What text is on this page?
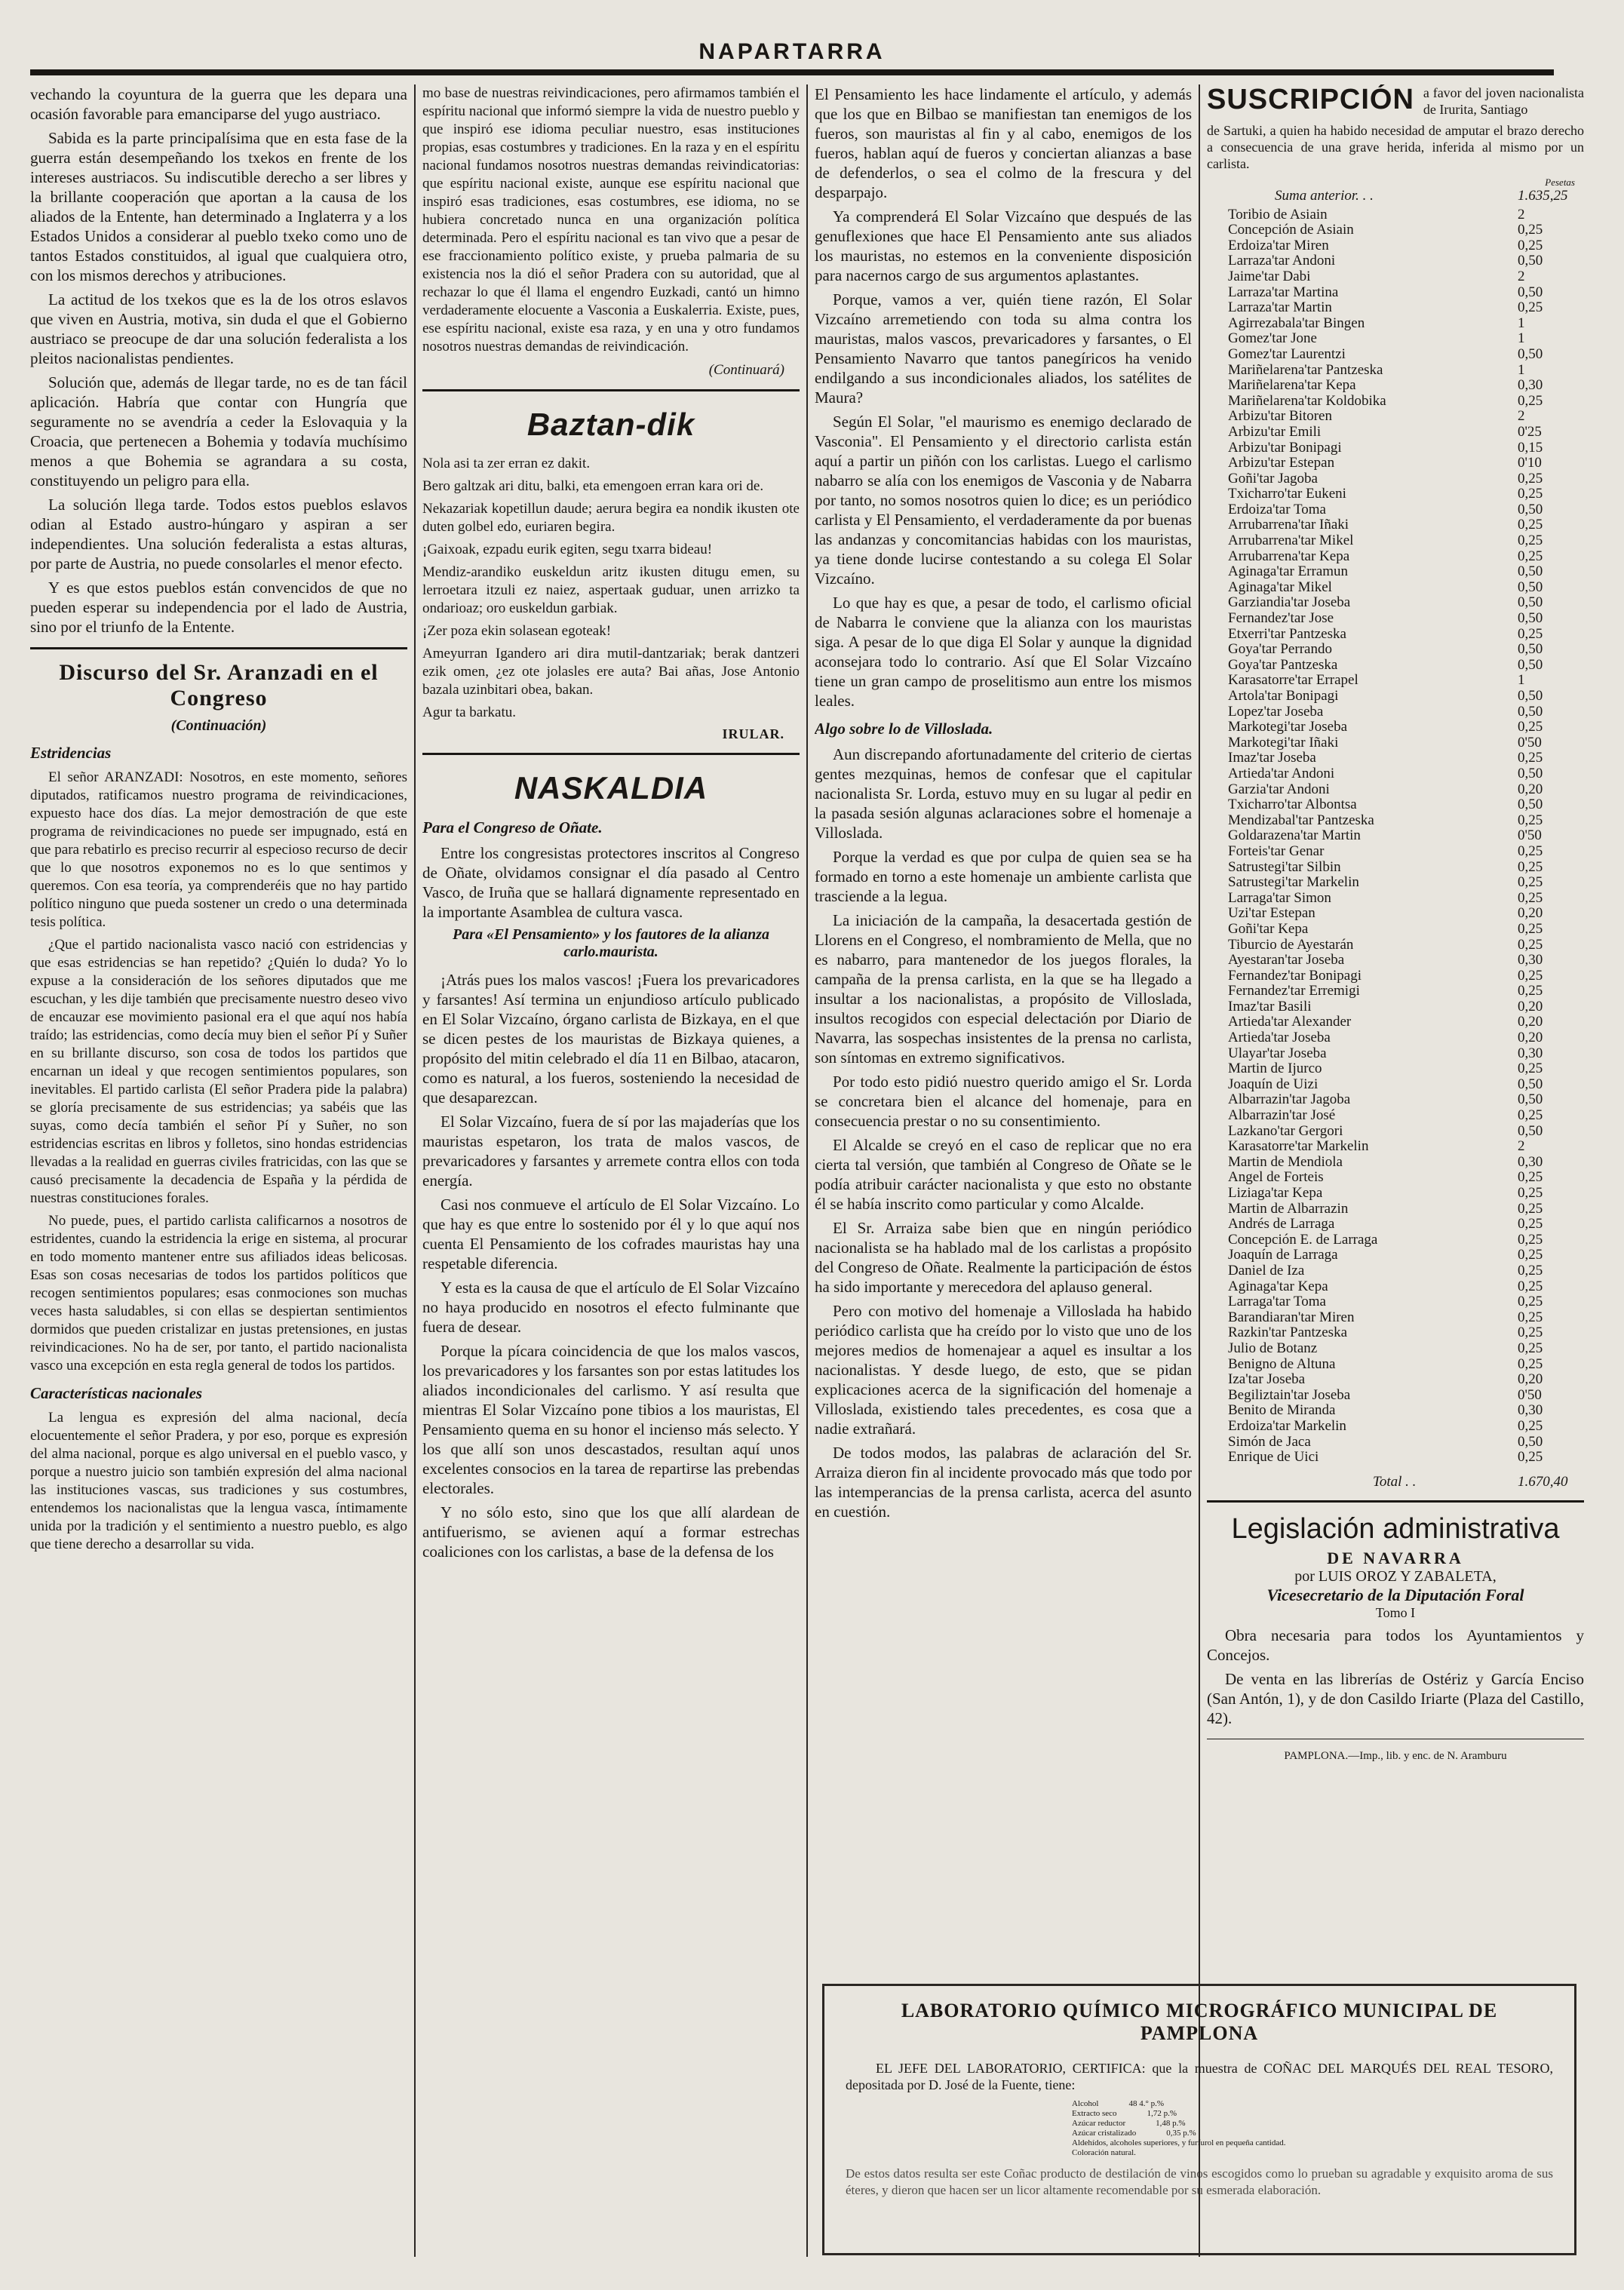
NAPARTARRA

vechando la coyuntura de la guerra que les depara una ocasión favorable para emanciparse del yugo austriaco.

Sabida es la parte principalísima que en esta fase de la guerra están desempeñando los txekos en frente de los intereses austriacos. Su indiscutible derecho a ser libres y la brillante cooperación que aportan a la causa de los aliados de la Entente, han determinado a Inglaterra y a los Estados Unidos a considerar al pueblo txeko como uno de tantos Estados constituidos, al igual que cualquiera otro, con los mismos derechos y atribuciones.

La actitud de los txekos que es la de los otros eslavos que viven en Austria, motiva, sin duda el que el Gobierno austriaco se preocupe de dar una solución federalista a los pleitos nacionalistas pendientes.

Solución que, además de llegar tarde, no es de tan fácil aplicación. Habría que contar con Hungría que seguramente no se avendría a ceder la Eslovaquia y la Croacia, que pertenecen a Bohemia y todavía muchísimo menos a que Bohemia se agrandara a su costa, constituyendo un peligro para ella.

La solución llega tarde. Todos estos pueblos eslavos odian al Estado austro-húngaro y aspiran a ser independientes. Una solución federalista a estas alturas, por parte de Austria, no puede consolarles el menor efecto.

Y es que estos pueblos están convencidos de que no pueden esperar su independencia por el lado de Austria, sino por el triunfo de la Entente.

Discurso del Sr. Aranzadi en el Congreso
(Continuación)
Estridencias

El señor ARANZADI: Nosotros, en este momento, señores diputados, ratificamos nuestro programa de reivindicaciones, expuesto hace dos días. La mejor demostración de que este programa de reivindicaciones no puede ser impugnado, está en que para rebatirlo es preciso recurrir al especioso recurso de decir que lo que nosotros exponemos no es lo que sentimos y queremos. Con esa teoría, ya comprenderéis que no hay partido político ninguno que pueda sostener un credo o una determinada tesis política.

¿Que el partido nacionalista vasco nació con estridencias y que esas estridencias se han repetido? ¿Quién lo duda? Yo lo expuse a la consideración de los señores diputados que me escuchan, y les dije también que precisamente nuestro deseo vivo de encauzar ese movimiento pasional era el que aquí nos había traído; las estridencias, como decía muy bien el señor Pí y Suñer en su brillante discurso, son cosa de todos los partidos que encarnan un ideal y que recogen sentimientos populares, son inevitables. El partido carlista (El señor Pradera pide la palabra) se gloría precisamente de sus estridencias; ya sabéis que las suyas, como decía también el señor Pí y Suñer, no son estridencias escritas en libros y folletos, sino hondas estridencias llevadas a la realidad en guerras civiles fratricidas, con las que se causó precisamente la decadencia de España y la pérdida de nuestras constituciones forales.

No puede, pues, el partido carlista calificarnos a nosotros de estridentes, cuando la estridencia la erige en sistema, al procurar en todo momento mantener entre sus afiliados ideas belicosas. Esas son cosas necesarias de todos los partidos políticos que recogen sentimientos populares; esas conmociones son muchas veces hasta saludables, si con ellas se despiertan sentimientos dormidos que pueden cristalizar en justas pretensiones, en justas reivindicaciones. No ha de ser, por tanto, el partido nacionalista vasco una excepción en esta regla general de todos los partidos.

Características nacionales

La lengua es expresión del alma nacional, decía elocuentemente el señor Pradera, y por eso, porque es expresión del alma nacional, porque es algo universal en el pueblo vasco, y porque a nuestro juicio son también expresión del alma nacional las instituciones vascas, sus tradiciones y sus costumbres, entendemos los nacionalistas que la lengua vasca, íntimamente unida por la tradición y el sentimiento a nuestro pueblo, es algo que tiene derecho a desarrollar su vida.

mo base de nuestras reivindicaciones, pero afirmamos también el espíritu nacional que informó siempre la vida de nuestro pueblo y que inspiró ese idioma peculiar nuestro, esas instituciones propias, esas costumbres y tradiciones. En la raza y en el espíritu nacional fundamos nosotros nuestras demandas reivindicatorias: que espíritu nacional existe, aunque ese espíritu nacional que inspiró esas tradiciones, esas costumbres, ese idioma, no se hubiera concretado nunca en una organización política determinada. Pero el espíritu nacional es tan vivo que a pesar de ese fraccionamiento político existe, y prueba palmaria de su existencia nos la dió el señor Pradera con su autoridad, que al rechazar lo que él llama el engendro Euzkadi, cantó un himno verdaderamente elocuente a Vasconia a Euskalerria. Existe, pues, ese espíritu nacional, existe esa raza, y en una y otro fundamos nosotros nuestras demandas de reivindicación.

(Continuará)
Baztan-dik

Nola asi ta zer erran ez dakit.

Bero galtzak ari ditu, balki, eta emengoen erran kara ori de.

Nekazariak kopetillun daude; aerura begira ea nondik ikusten ote duten golbel edo, euriaren begira.

¡Gaixoak, ezpadu eurik egiten, segu txarra bideau!

Mendiz-arandiko euskeldun aritz ikusten ditugu emen, su lerroetara itzuli ez naiez, aspertaak guduar, unen arrizko ta ondarioaz; oro euskeldun garbiak.

¡Zer poza ekin solasean egoteak!

Ameyurran Igandero ari dira mutil-dantzariak; berak dantzeri ezik omen, ¿ez ote jolasles ere auta? Bai añas, Jose Antonio bazala uzinbitari obea, bakan.

Agur ta barkatu.

IRULAR.
NASKALDIA
Para el Congreso de Oñate.

Entre los congresistas protectores inscritos al Congreso de Oñate, olvidamos consignar el día pasado al Centro Vasco, de Iruña que se hallará dignamente representado en la importante Asamblea de cultura vasca.

Para «El Pensamiento» y los fautores de la alianza carlo.maurista.

¡Atrás pues los malos vascos! ¡Fuera los prevaricadores y farsantes! Así termina un enjundioso artículo publicado en El Solar Vizcaíno, órgano carlista de Bizkaya, en el que se dicen pestes de los mauristas de Bizkaya quienes, a propósito del mitin celebrado el día 11 en Bilbao, atacaron, como es natural, a los fueros, sosteniendo la necesidad de que desaparezcan.

El Solar Vizcaíno, fuera de sí por las majaderías que los mauristas espetaron, los trata de malos vascos, de prevaricadores y farsantes y arremete contra ellos con toda energía.

Casi nos conmueve el artículo de El Solar Vizcaíno. Lo que hay es que entre lo sostenido por él y lo que aquí nos cuenta El Pensamiento de los cofrades mauristas hay una respetable diferencia.

Y esta es la causa de que el artículo de El Solar Vizcaíno no haya producido en nosotros el efecto fulminante que fuera de desear.

Porque la pícara coincidencia de que los malos vascos, los prevaricadores y los farsantes son por estas latitudes los aliados incondicionales del carlismo. Y así resulta que mientras El Solar Vizcaíno pone tibios a los mauristas, El Pensamiento quema en su honor el incienso más selecto. Y los que allí son unos descastados, resultan aquí unos excelentes consocios en la tarea de repartirse las prebendas electorales.

Y no sólo esto, sino que los que allí alardean de antifuerismo, se avienen aquí a formar estrechas coaliciones con los carlistas, a base de la defensa de los

El Pensamiento les hace lindamente el artículo, y además que los que en Bilbao se manifiestan tan enemigos de los fueros, son mauristas al fin y al cabo, enemigos de los fueros, hablan aquí de fueros y conciertan alianzas a base de defenderlos, o sea el colmo de la frescura y del desparpajo.

Ya comprenderá El Solar Vizcaíno que después de las genuflexiones que hace El Pensamiento ante sus aliados los mauristas, no estemos en la conveniente disposición para nacernos cargo de sus argumentos aplastantes.

Porque, vamos a ver, quién tiene razón, El Solar Vizcaíno arremetiendo con toda su alma contra los mauristas, malos vascos, prevaricadores y farsantes, o El Pensamiento Navarro que tantos panegíricos ha venido endilgando a sus incondicionales aliados, los satélites de Maura?

Según El Solar, "el maurismo es enemigo declarado de Vasconia". El Pensamiento y el directorio carlista están aquí a partir un piñón con los carlistas. Luego el carlismo nabarro se alía con los enemigos de Vasconia y de Nabarra por tanto, no somos nosotros quien lo dice; es un periódico carlista y El Pensamiento, el verdaderamente da por buenas las andanzas y concomitancias habidas con los mauristas, ya tiene donde lucirse contestando a su colega El Solar Vizcaíno.

Lo que hay es que, a pesar de todo, el carlismo oficial de Nabarra le conviene que la alianza con los mauristas siga. A pesar de lo que diga El Solar y aunque la dignidad aconsejara todo lo contrario. Así que El Solar Vizcaíno tiene un gran campo de proselitismo aun entre los mismos leales.

Algo sobre lo de Villoslada.

Aun discrepando afortunadamente del criterio de ciertas gentes mezquinas, hemos de confesar que el capitular nacionalista Sr. Lorda, estuvo muy en su lugar al pedir en la pasada sesión algunas aclaraciones sobre el homenaje a Villoslada.

Porque la verdad es que por culpa de quien sea se ha formado en torno a este homenaje un ambiente carlista que trasciende a la legua.

La iniciación de la campaña, la desacertada gestión de Llorens en el Congreso, el nombramiento de Mella, que no es nabarro, para mantenedor de los juegos florales, la campaña de la prensa carlista, en la que se ha llegado a insultar a los nacionalistas, a propósito de Villoslada, insultos recogidos con especial delectación por Diario de Navarra, las sospechas insistentes de la prensa no carlista, son síntomas en extremo significativos.

Por todo esto pidió nuestro querido amigo el Sr. Lorda se concretara bien el alcance del homenaje, para en consecuencia prestar o no su consentimiento.

El Alcalde se creyó en el caso de replicar que no era cierta tal versión, que también al Congreso de Oñate se le podía atribuir carácter nacionalista y que esto no obstante él se había inscrito como particular y como Alcalde.

El Sr. Arraiza sabe bien que en ningún periódico nacionalista se ha hablado mal de los carlistas a propósito del Congreso de Oñate. Realmente la participación de éstos ha sido importante y merecedora del aplauso general.

Pero con motivo del homenaje a Villoslada ha habido periódico carlista que ha creído por lo visto que uno de los mejores medios de homenajear a aquel es insultar a los nacionalistas. Y desde luego, de esto, que se pidan explicaciones acerca de la significación del homenaje a Villoslada, existiendo tales precedentes, es cosa que a nadie extrañará.

De todos modos, las palabras de aclaración del Sr. Arraiza dieron fin al incidente provocado más que todo por las intemperancias de la prensa carlista, acerca del asunto en cuestión.

SUSCRIPCIÓN a favor del joven nacionalista de Irurita, Santiago
de Sartuki, a quien ha habido necesidad de amputar el brazo derecho a consecuencia de una grave herida, inferida al mismo por un carlista.
Pesetas
Suma anterior. . .	1.635,25
Toribio de Asiain	2
Concepción de Asiain	0,25
Erdoiza'tar Miren	0,25
Larraza'tar Andoni	0,50
Jaime'tar Dabi	2
Larraza'tar Martina	0,50
Larraza'tar Martin	0,25
Agirrezabala'tar Bingen	1
Gomez'tar Jone	1
Gomez'tar Laurentzi	0,50
Mariñelarena'tar Pantzeska	1
Mariñelarena'tar Kepa	0,30
Mariñelarena'tar Koldobika	0,25
Arbizu'tar Bitoren	2
Arbizu'tar Emili	0'25
Arbizu'tar Bonipagi	0,15
Arbizu'tar Estepan	0'10
Goñi'tar Jagoba	0,25
Txicharro'tar Eukeni	0,25
Erdoiza'tar Toma	0,50
Arrubarrena'tar Iñaki	0,25
Arrubarrena'tar Mikel	0,25
Arrubarrena'tar Kepa	0,25
Aginaga'tar Erramun	0,50
Aginaga'tar Mikel	0,50
Garziandia'tar Joseba	0,50
Fernandez'tar Jose	0,50
Etxerri'tar Pantzeska	0,25
Goya'tar Perrando	0,50
Goya'tar Pantzeska	0,50
Karasatorre'tar Errapel	1
Artola'tar Bonipagi	0,50
Lopez'tar Joseba	0,50
Markotegi'tar Joseba	0,25
Markotegi'tar Iñaki	0'50
Imaz'tar Joseba	0,25
Artieda'tar Andoni	0,50
Garzia'tar Andoni	0,20
Txicharro'tar Albontsa	0,50
Mendizabal'tar Pantzeska	0,25
Goldarazena'tar Martin	0'50
Forteis'tar Genar	0,25
Satrustegi'tar Silbin	0,25
Satrustegi'tar Markelin	0,25
Larraga'tar Simon	0,25
Uzi'tar Estepan	0,20
Goñi'tar Kepa	0,25
Tiburcio de Ayestarán	0,25
Ayestaran'tar Joseba	0,30
Fernandez'tar Bonipagi	0,25
Fernandez'tar Erremigi	0,25
Imaz'tar Basili	0,20
Artieda'tar Alexander	0,20
Artieda'tar Joseba	0,20
Ulayar'tar Joseba	0,30
Martin de Ijurco	0,25
Joaquín de Uizi	0,50
Albarrazin'tar Jagoba	0,50
Albarrazin'tar José	0,25
Lazkano'tar Gergori	0,50
Karasatorre'tar Markelin	2
Martin de Mendiola	0,30
Angel de Forteis	0,25
Liziaga'tar Kepa	0,25
Martin de Albarrazin	0,25
Andrés de Larraga	0,25
Concepción E. de Larraga	0,25
Joaquín de Larraga	0,25
Daniel de Iza	0,25
Aginaga'tar Kepa	0,25
Larraga'tar Toma	0,25
Barandiaran'tar Miren	0,25
Razkin'tar Pantzeska	0,25
Julio de Botanz	0,25
Benigno de Altuna	0,25
Iza'tar Joseba	0,20
Begiliztain'tar Joseba	0'50
Benito de Miranda	0,30
Erdoiza'tar Markelin	0,25
Simón de Jaca	0,50
Enrique de Uici	0,25
Total . .	1.670,40
Legislación administrativa
DE NAVARRA
por LUIS OROZ Y ZABALETA,
Vicesecretario de la Diputación Foral
Tomo I

Obra necesaria para todos los Ayuntamientos y Concejos.

De venta en las librerías de Ostériz y García Enciso (San Antón, 1), y de don Casildo Iriarte (Plaza del Castillo, 42).

PAMPLONA.—Imp., lib. y enc. de N. Aramburu
LABORATORIO QUÍMICO MICROGRÁFICO MUNICIPAL DE PAMPLONA
EL JEFE DEL LABORATORIO, CERTIFICA: que la muestra de COÑAC DEL MARQUÉS DEL REAL TESORO, depositada por D. José de la Fuente, tiene:
Alcohol	48 4.° p.%
Extracto seco	1,72 p.%
Azúcar reductor	1,48 p.%
Azúcar cristalizado	0,35 p.%
Aldehídos, alcoholes superiores, y furfurol en pequeña cantidad.
Coloración natural.
De estos datos resulta ser este Coñac producto de destilación de vinos escogidos como lo prueban su agradable y exquisito aroma de sus éteres, y dieron que hacen ser un licor altamente recomendable por su esmerada elaboración.
